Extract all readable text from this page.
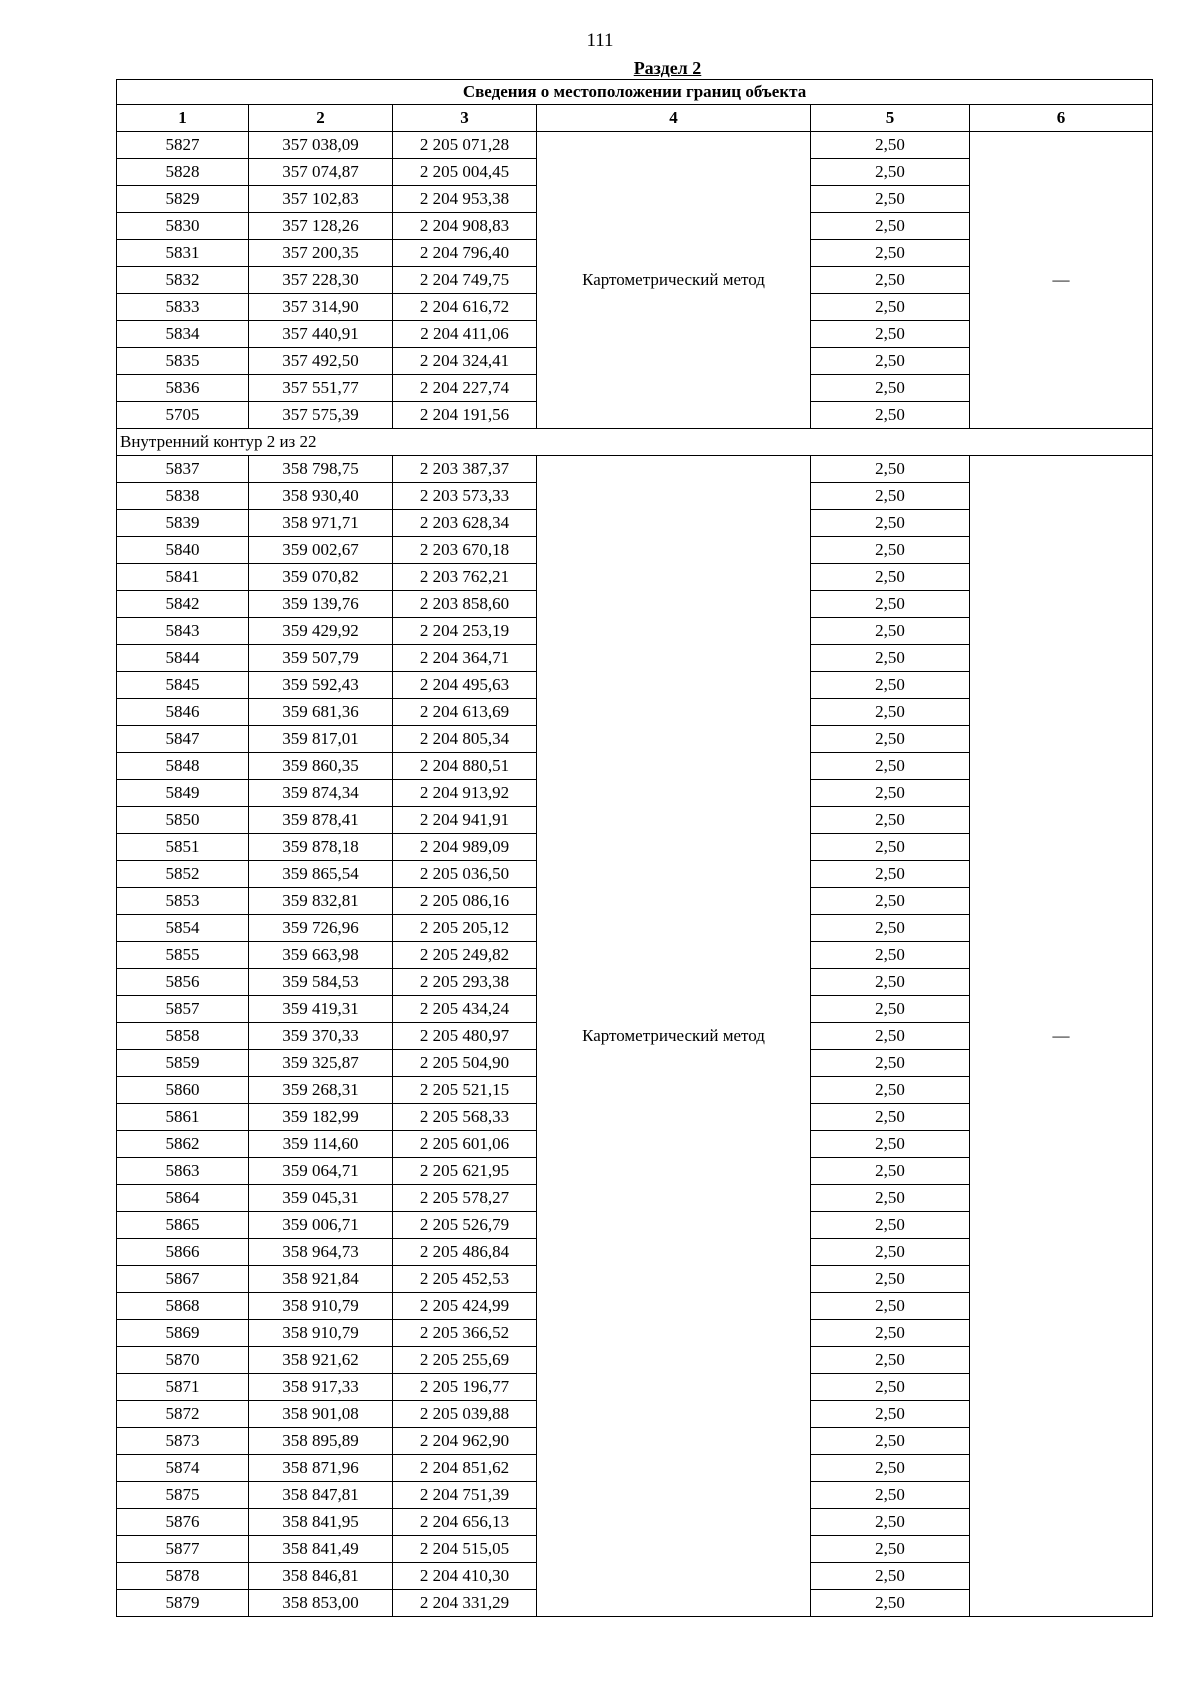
111
Раздел 2
Сведения о местоположении границ объекта					
1	2	3	4	5	6
5827	357 038,09	2 205 071,28	Картометрический метод	2,50	—
5828	357 074,87	2 205 004,45		2,50	
5829	357 102,83	2 204 953,38		2,50	
5830	357 128,26	2 204 908,83		2,50	
5831	357 200,35	2 204 796,40		2,50	
5832	357 228,30	2 204 749,75		2,50	
5833	357 314,90	2 204 616,72		2,50	
5834	357 440,91	2 204 411,06		2,50	
5835	357 492,50	2 204 324,41		2,50	
5836	357 551,77	2 204 227,74		2,50	
5705	357 575,39	2 204 191,56		2,50	
Внутренний контур 2 из 22					
5837	358 798,75	2 203 387,37	Картометрический метод	2,50	—
5838	358 930,40	2 203 573,33		2,50	
5839	358 971,71	2 203 628,34		2,50	
5840	359 002,67	2 203 670,18		2,50	
5841	359 070,82	2 203 762,21		2,50	
5842	359 139,76	2 203 858,60		2,50	
5843	359 429,92	2 204 253,19		2,50	
5844	359 507,79	2 204 364,71		2,50	
5845	359 592,43	2 204 495,63		2,50	
5846	359 681,36	2 204 613,69		2,50	
5847	359 817,01	2 204 805,34		2,50	
5848	359 860,35	2 204 880,51		2,50	
5849	359 874,34	2 204 913,92		2,50	
5850	359 878,41	2 204 941,91		2,50	
5851	359 878,18	2 204 989,09		2,50	
5852	359 865,54	2 205 036,50		2,50	
5853	359 832,81	2 205 086,16		2,50	
5854	359 726,96	2 205 205,12		2,50	
5855	359 663,98	2 205 249,82		2,50	
5856	359 584,53	2 205 293,38		2,50	
5857	359 419,31	2 205 434,24		2,50	
5858	359 370,33	2 205 480,97		2,50	
5859	359 325,87	2 205 504,90		2,50	
5860	359 268,31	2 205 521,15		2,50	
5861	359 182,99	2 205 568,33		2,50	
5862	359 114,60	2 205 601,06		2,50	
5863	359 064,71	2 205 621,95		2,50	
5864	359 045,31	2 205 578,27		2,50	
5865	359 006,71	2 205 526,79		2,50	
5866	358 964,73	2 205 486,84		2,50	
5867	358 921,84	2 205 452,53		2,50	
5868	358 910,79	2 205 424,99		2,50	
5869	358 910,79	2 205 366,52		2,50	
5870	358 921,62	2 205 255,69		2,50	
5871	358 917,33	2 205 196,77		2,50	
5872	358 901,08	2 205 039,88		2,50	
5873	358 895,89	2 204 962,90		2,50	
5874	358 871,96	2 204 851,62		2,50	
5875	358 847,81	2 204 751,39		2,50	
5876	358 841,95	2 204 656,13		2,50	
5877	358 841,49	2 204 515,05		2,50	
5878	358 846,81	2 204 410,30		2,50	
5879	358 853,00	2 204 331,29		2,50	
